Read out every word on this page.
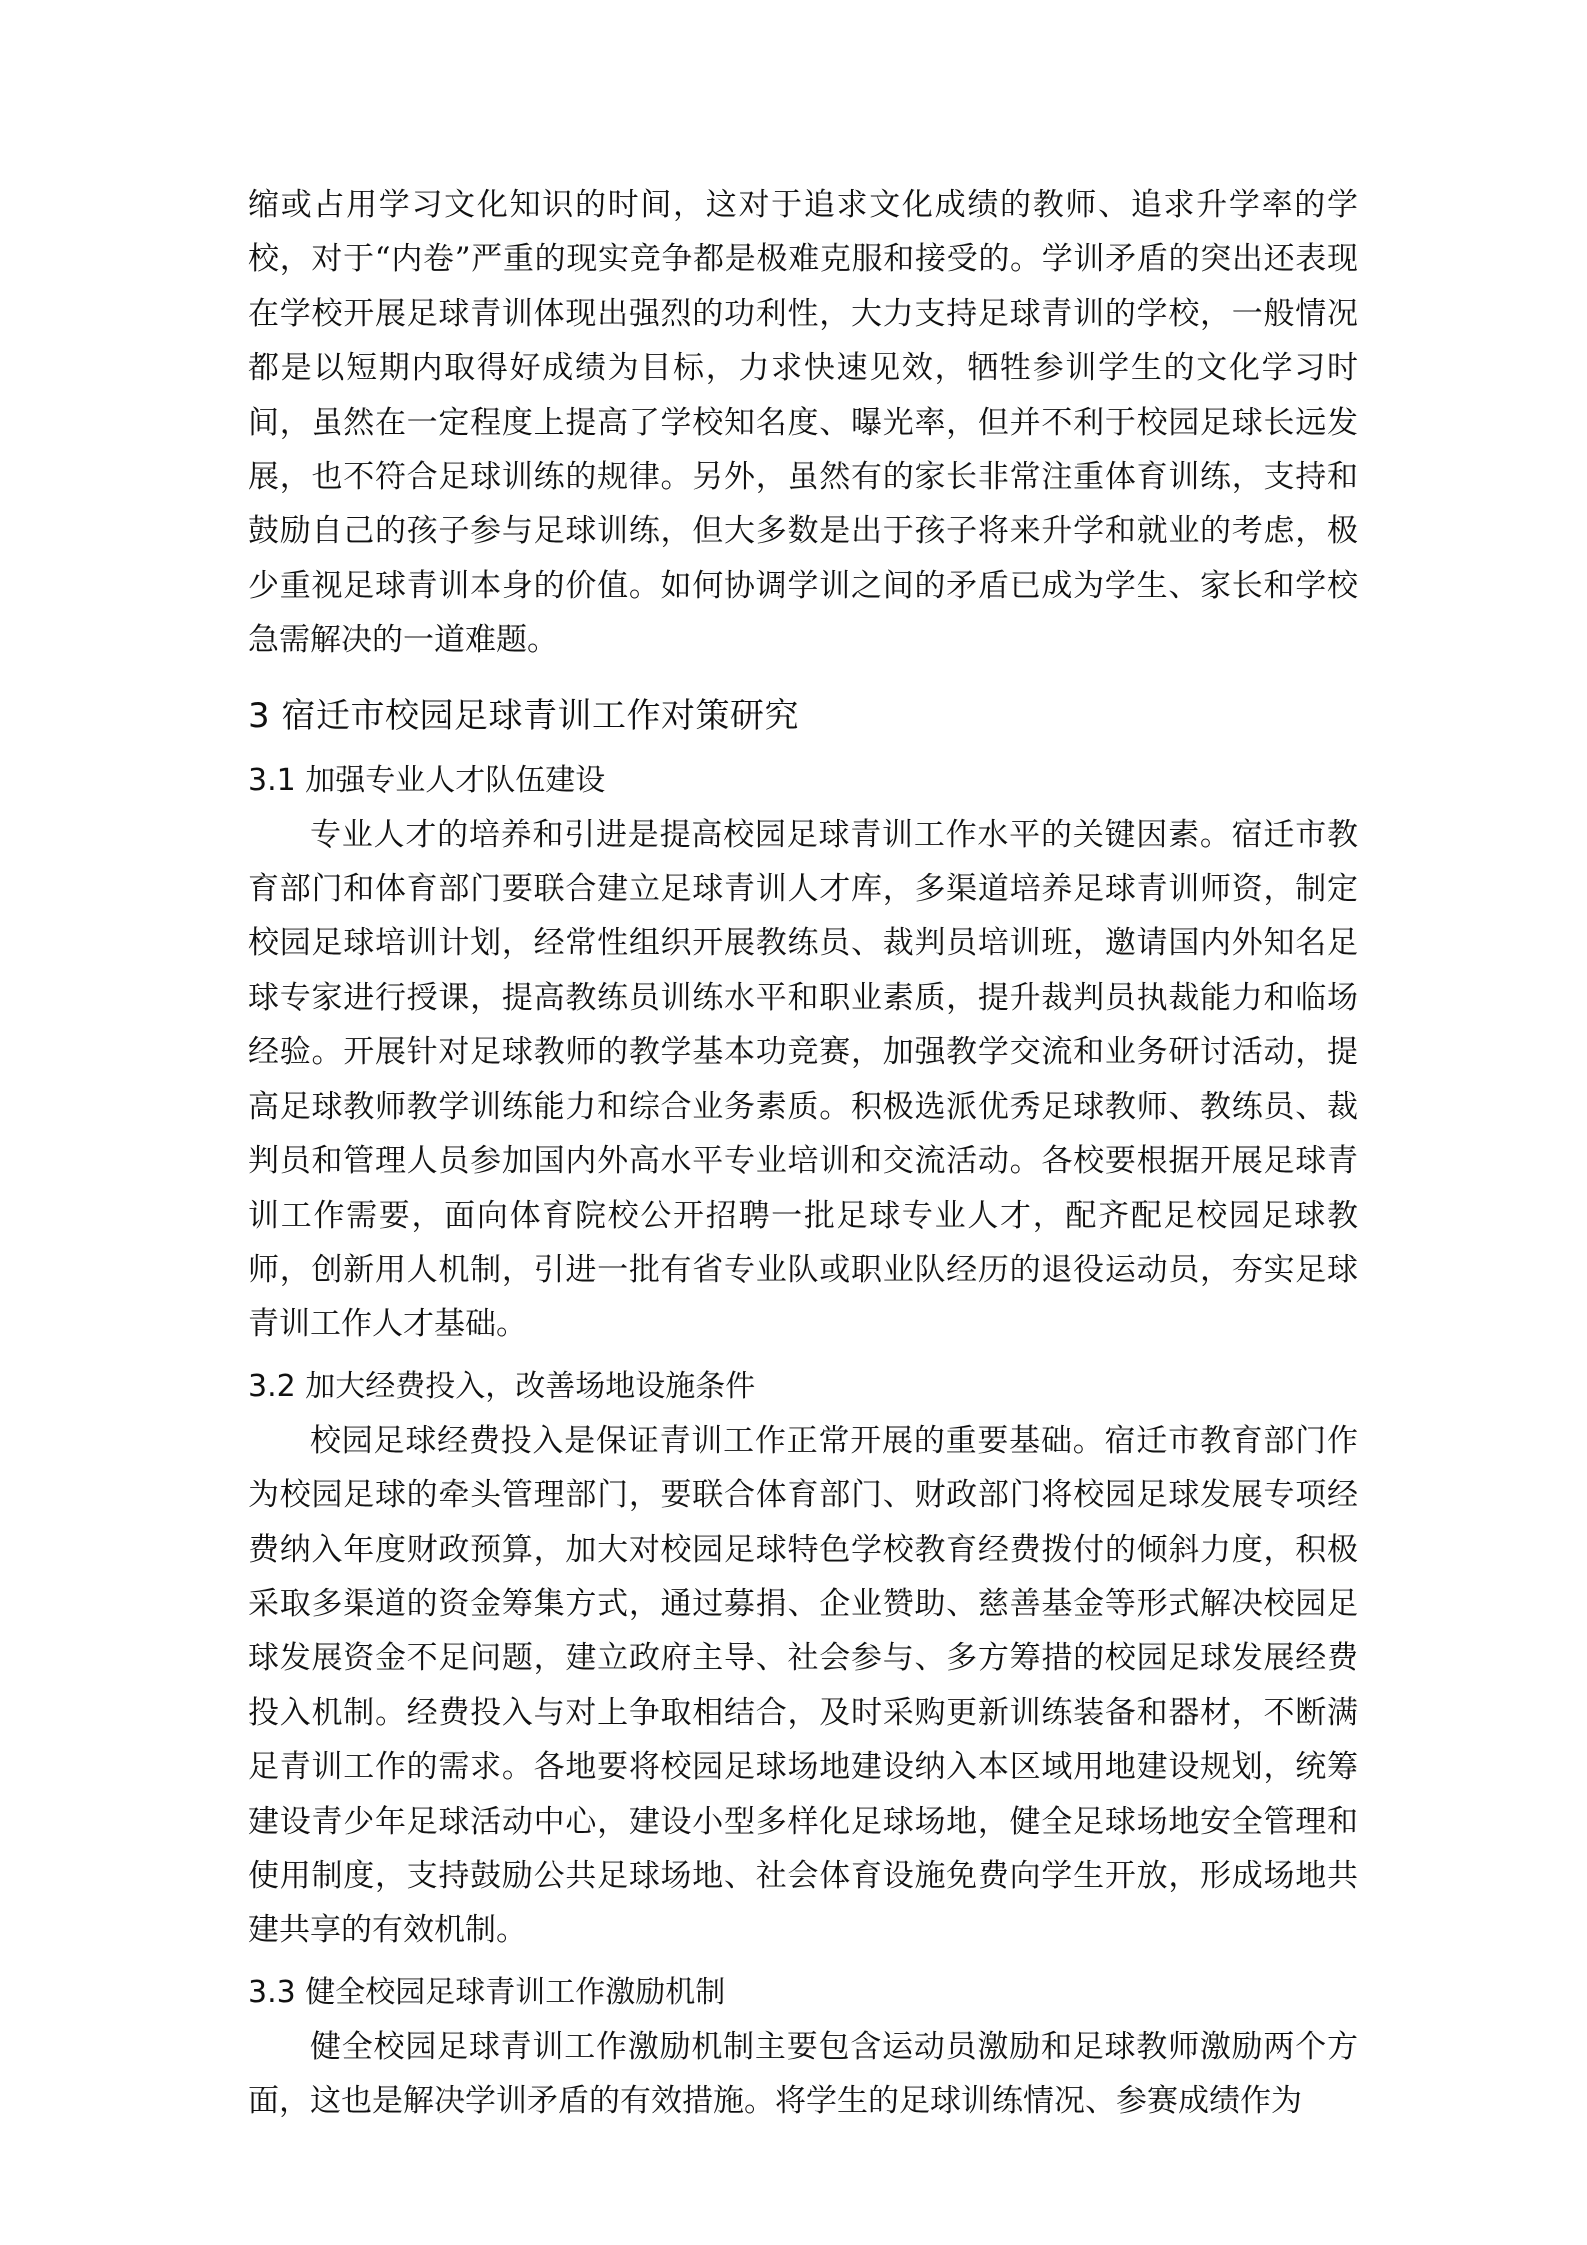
缩或占用学习文化知识的时间，这对于追求文化成绩的教师、追求升学率的学校，对于“内卷”严重的现实竞争都是极难克服和接受的。学训矛盾的突出还表现在学校开展足球青训体现出强烈的功利性，大力支持足球青训的学校，一般情况都是以短期内取得好成绩为目标，力求快速见效，牺牲参训学生的文化学习时间，虽然在一定程度上提高了学校知名度、曝光率，但并不利于校园足球长远发展，也不符合足球训练的规律。另外，虽然有的家长非常注重体育训练，支持和鼓励自己的孩子参与足球训练，但大多数是出于孩子将来升学和就业的考虑，极少重视足球青训本身的价值。如何协调学训之间的矛盾已成为学生、家长和学校急需解决的一道难题。

3 宿迁市校园足球青训工作对策研究
3.1 加强专业人才队伍建设

专业人才的培养和引进是提高校园足球青训工作水平的关键因素。宿迁市教育部门和体育部门要联合建立足球青训人才库，多渠道培养足球青训师资，制定校园足球培训计划，经常性组织开展教练员、裁判员培训班，邀请国内外知名足球专家进行授课，提高教练员训练水平和职业素质，提升裁判员执裁能力和临场经验。开展针对足球教师的教学基本功竞赛，加强教学交流和业务研讨活动，提高足球教师教学训练能力和综合业务素质。积极选派优秀足球教师、教练员、裁判员和管理人员参加国内外高水平专业培训和交流活动。各校要根据开展足球青训工作需要，面向体育院校公开招聘一批足球专业人才，配齐配足校园足球教师，创新用人机制，引进一批有省专业队或职业队经历的退役运动员，夯实足球青训工作人才基础。

3.2 加大经费投入，改善场地设施条件

校园足球经费投入是保证青训工作正常开展的重要基础。宿迁市教育部门作为校园足球的牵头管理部门，要联合体育部门、财政部门将校园足球发展专项经费纳入年度财政预算，加大对校园足球特色学校教育经费拨付的倾斜力度，积极采取多渠道的资金筹集方式，通过募捐、企业赞助、慈善基金等形式解决校园足球发展资金不足问题，建立政府主导、社会参与、多方筹措的校园足球发展经费投入机制。经费投入与对上争取相结合，及时采购更新训练装备和器材，不断满足青训工作的需求。各地要将校园足球场地建设纳入本区域用地建设规划，统筹建设青少年足球活动中心，建设小型多样化足球场地，健全足球场地安全管理和使用制度，支持鼓励公共足球场地、社会体育设施免费向学生开放，形成场地共建共享的有效机制。

3.3 健全校园足球青训工作激励机制

健全校园足球青训工作激励机制主要包含运动员激励和足球教师激励两个方面，这也是解决学训矛盾的有效措施。将学生的足球训练情况、参赛成绩作为
